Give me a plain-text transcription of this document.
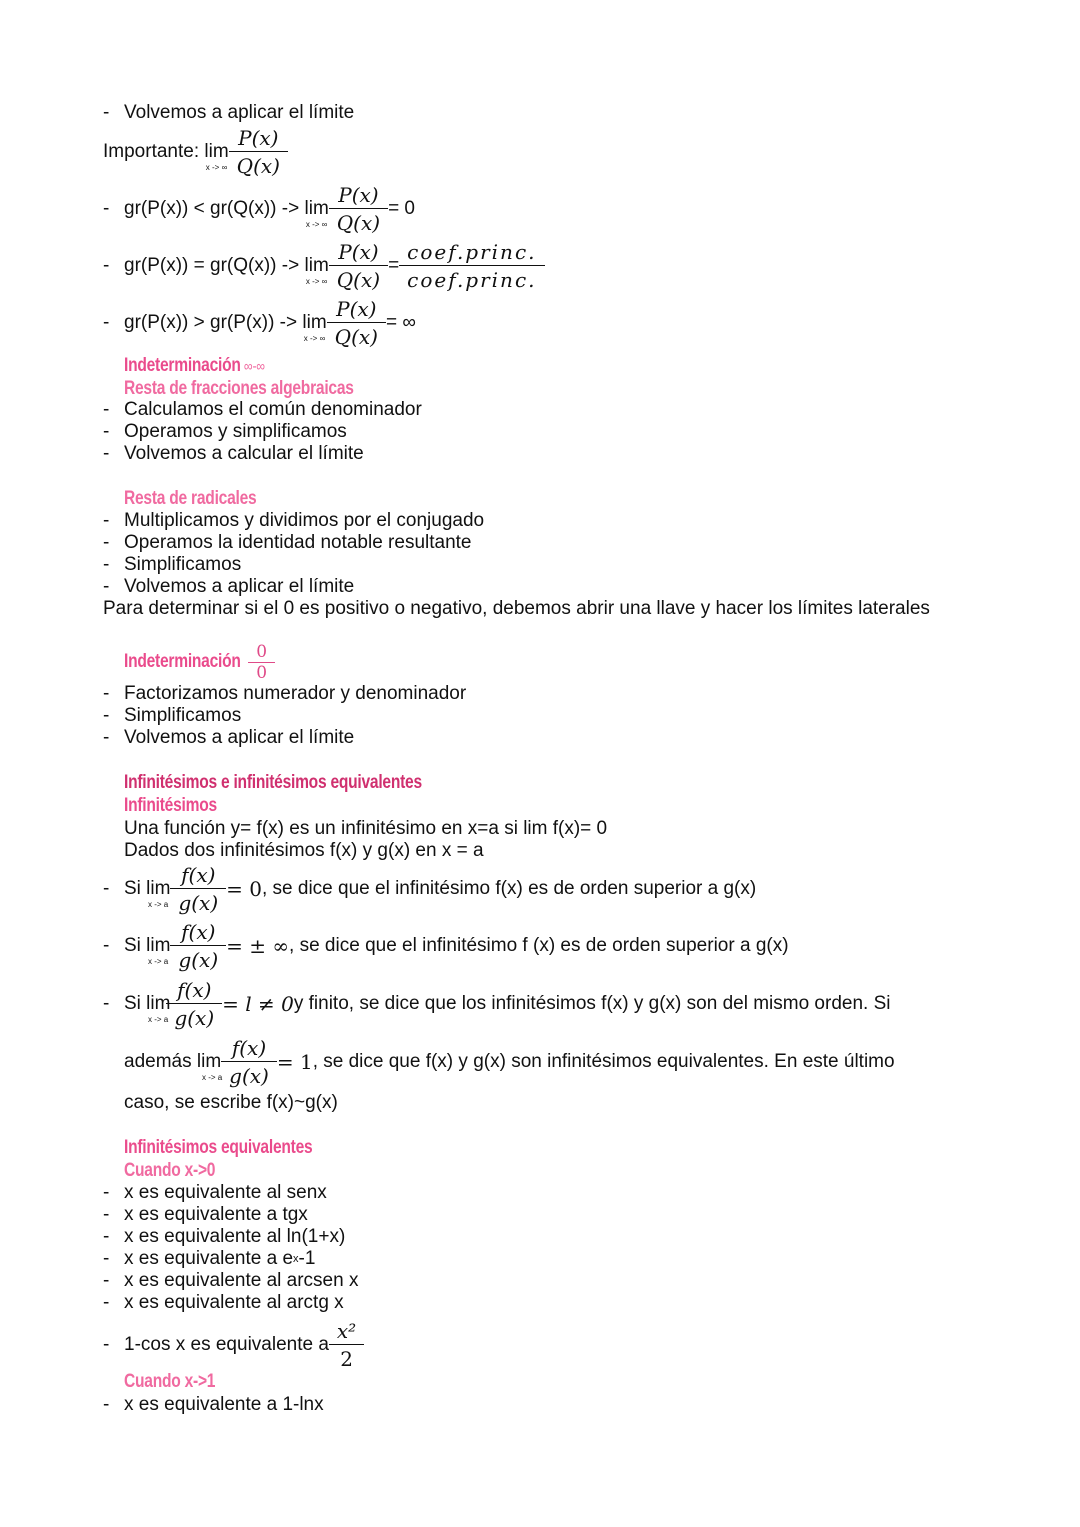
- Volvemos a aplicar el límite
Importante:
lim
x -> ∞ $\frac{P(x)}{Q(x)}$
- gr(P(x)) < gr(Q(x)) ->
lim
x -> ∞ $\frac{P(x)}{Q(x)} = 0$
- gr(P(x)) = gr(Q(x)) ->
lim
x -> ∞ $\frac{P(x)}{Q(x)} = \frac{\text{coef.princ.}}{\text{coef.princ.}}$
- gr(P(x)) > gr(P(x)) ->
lim
x -> ∞ $\frac{P(x)}{Q(x)}$ = ∞
Indeterminación ∞-∞
Resta de fracciones algebraicas
- Calculamos el común denominador
- Operamos y simplificamos
- Volvemos a calcular el límite
Resta de radicales
- Multiplicamos y dividimos por el conjugado
- Operamos la identidad notable resultante
- Simplificamos
- Volvemos a aplicar el límite
Para determinar si el 0 es positivo o negativo, debemos abrir una llave y hacer los límites laterales
Indeterminación $\frac{0}{0}$
- Factorizamos numerador y denominador
- Simplificamos
- Volvemos a aplicar el límite
Infinitésimos e infinitésimos equivalentes
Infinitésimos
Una función y= f(x) es un infinitésimo en x=a si lim f(x)= 0
Dados dos infinitésimos f(x) y g(x) en x = a
- Si lim
x -> a $\frac{f(x)}{g(x)} = 0$ , se dice que el infinitésimo f(x) es de orden superior a g(x)
- Si lim
x -> a $\frac{f(x)}{g(x)}$ = ± ∞ , se dice que el infinitésimo f (x) es de orden superior a g(x)
- Si lim
x -> a $\frac{f(x)}{g(x)} = l \ne 0$ y finito, se dice que los infinitésimos f(x) y g(x) son del mismo orden. Si
además lim
x -> a $\frac{f(x)}{g(x)} = 1$ , se dice que f(x) y g(x) son infinitésimos equivalentes. En este último
caso, se escribe f(x)~g(x)
Infinitésimos equivalentes
Cuando x->0
- x es equivalente al senx
- x es equivalente a tgx
- x es equivalente al ln(1+x)
- x es equivalente a e x -1
- x es equivalente al arcsen x
- x es equivalente al arctg x
- 1-cos x es equivalente a $\frac{\text{x²}}{2}$
Cuando x->1
- x es equivalente a 1-lnx
